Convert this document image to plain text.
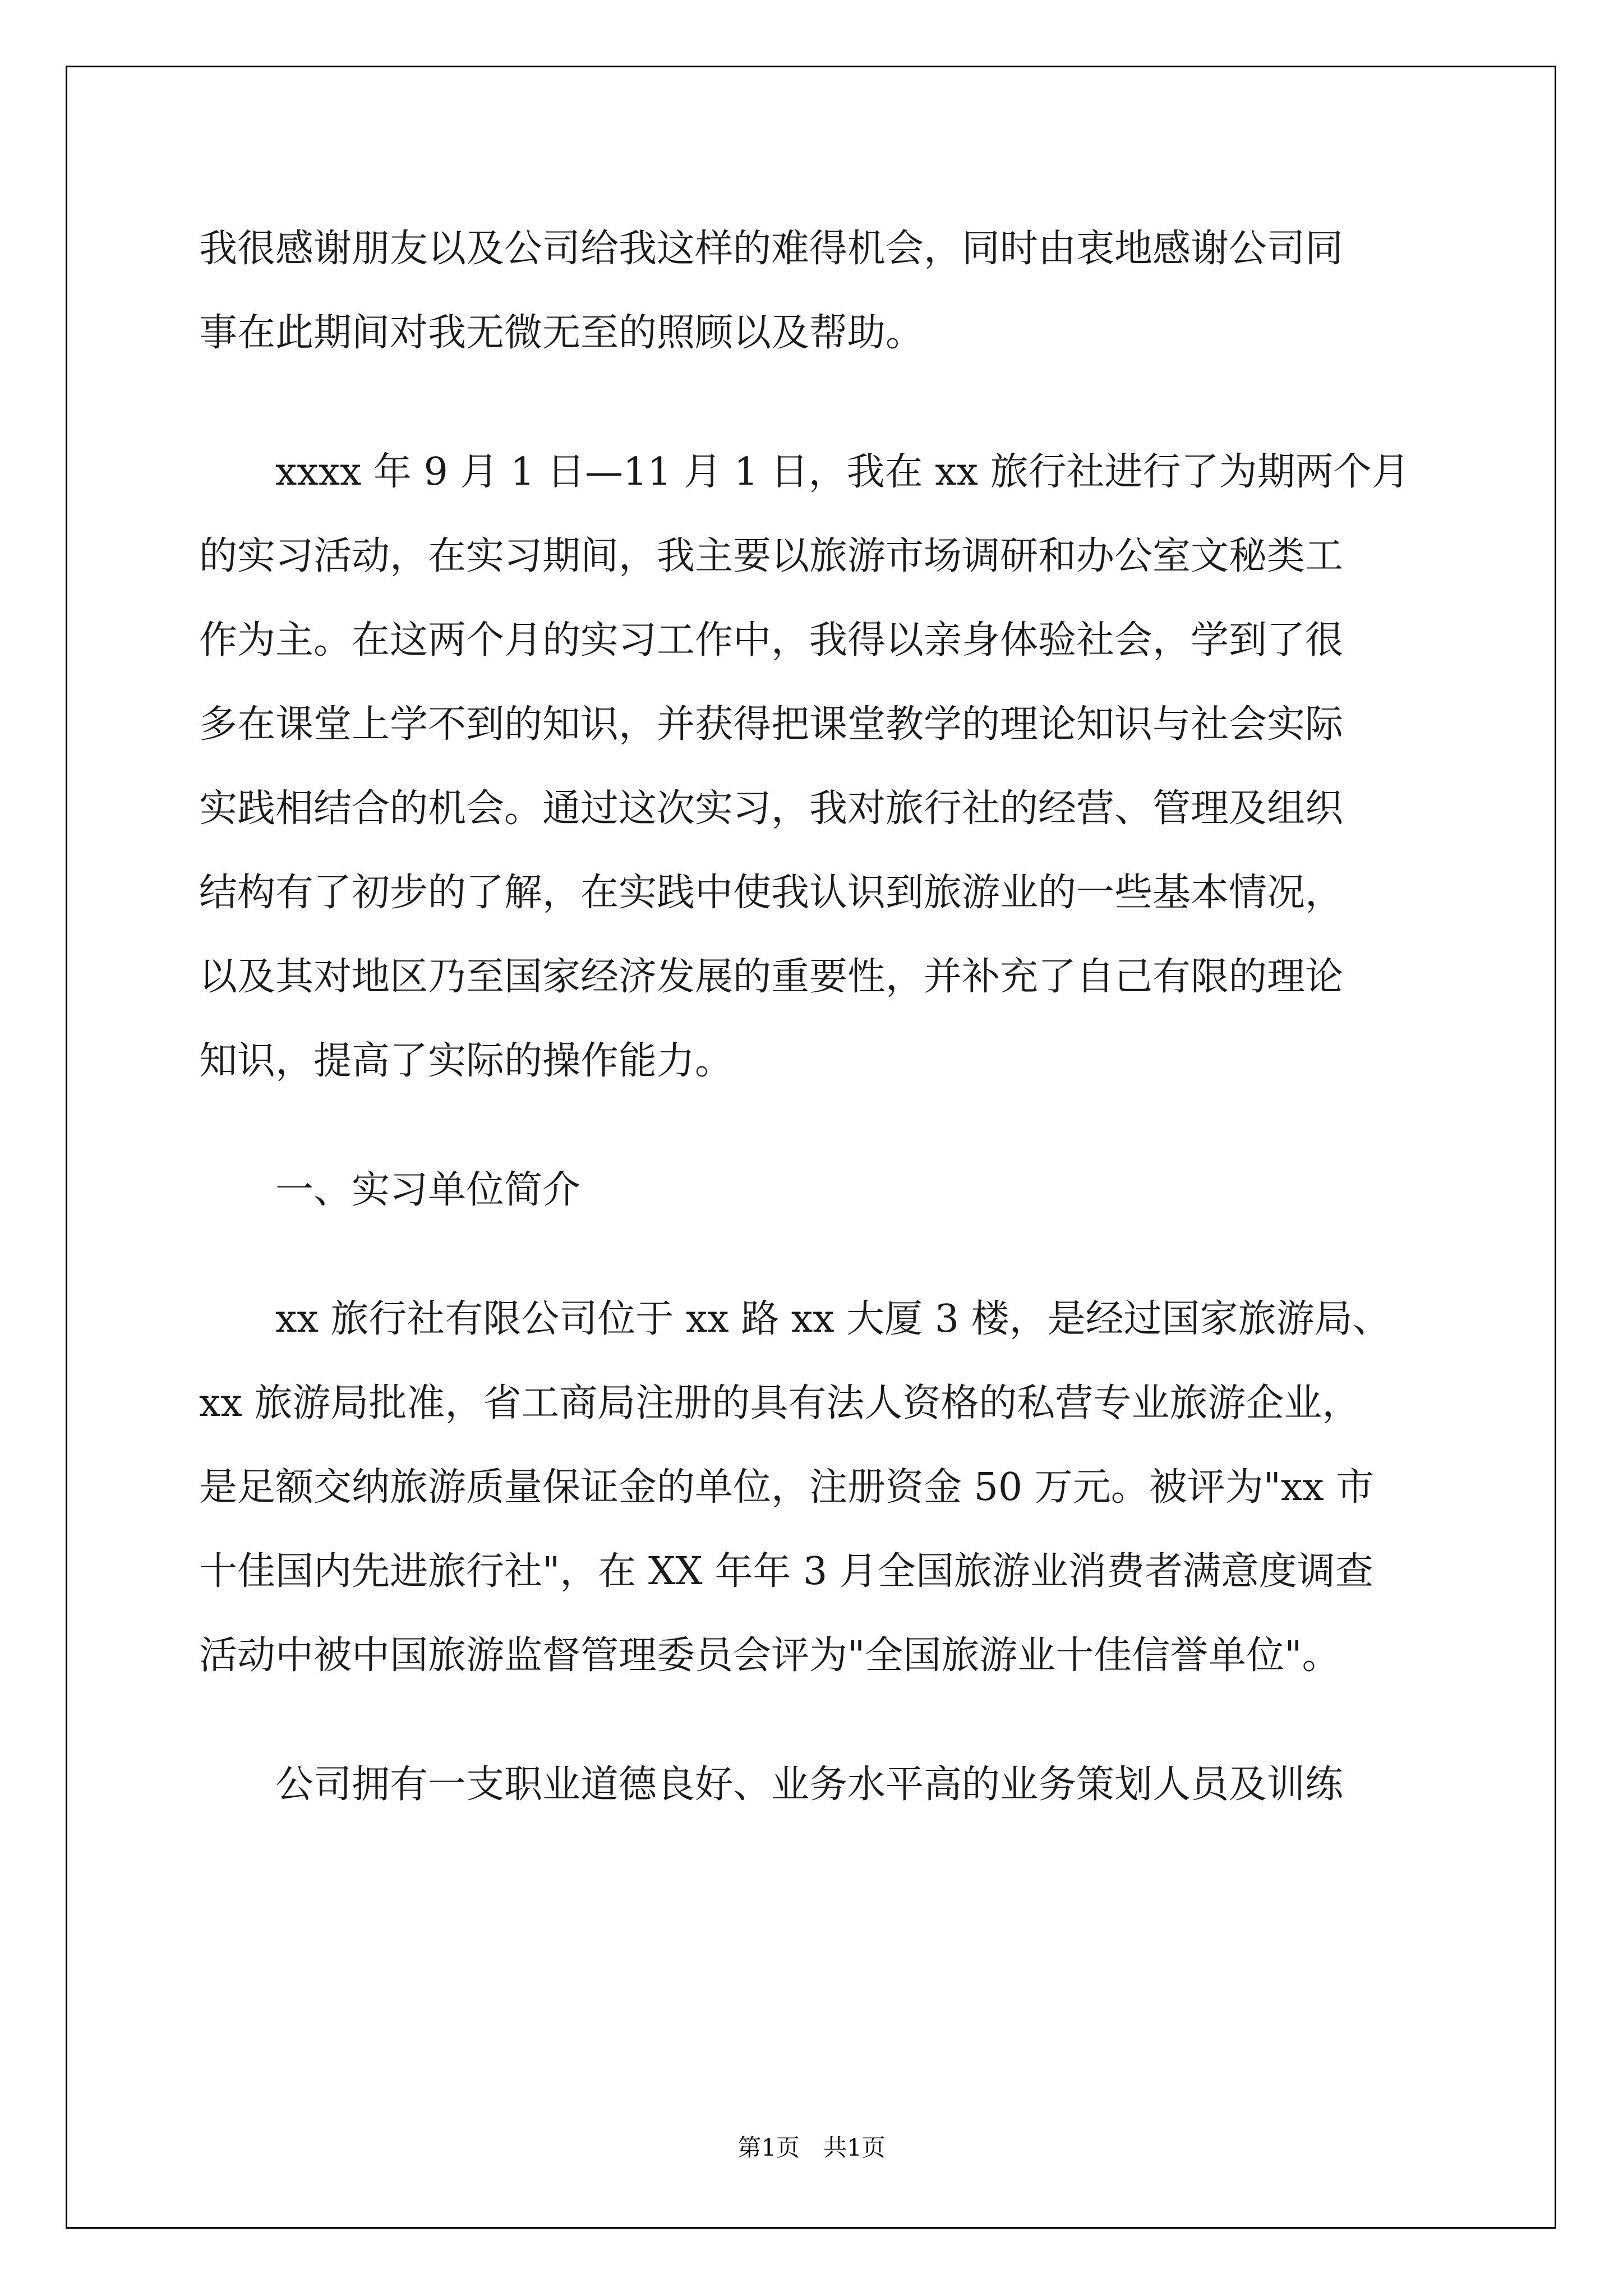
我很感谢朋友以及公司给我这样的难得机会，同时由衷地感谢公司同
事在此期间对我无微无至的照顾以及帮助。
　　xxxx 年 9 月 1 日—11 月 1 日，我在 xx 旅行社进行了为期两个月
的实习活动，在实习期间，我主要以旅游市场调研和办公室文秘类工
作为主。在这两个月的实习工作中，我得以亲身体验社会，学到了很
多在课堂上学不到的知识，并获得把课堂教学的理论知识与社会实际
实践相结合的机会。通过这次实习，我对旅行社的经营、管理及组织
结构有了初步的了解，在实践中使我认识到旅游业的一些基本情况，
以及其对地区乃至国家经济发展的重要性，并补充了自己有限的理论
知识，提高了实际的操作能力。
　　一、实习单位简介
　　xx 旅行社有限公司位于 xx 路 xx 大厦 3 楼，是经过国家旅游局、
xx 旅游局批准，省工商局注册的具有法人资格的私营专业旅游企业，
是足额交纳旅游质量保证金的单位，注册资金 50 万元。被评为"xx 市
十佳国内先进旅行社"，在 XX 年年 3 月全国旅游业消费者满意度调查
活动中被中国旅游监督管理委员会评为"全国旅游业十佳信誉单位"。
　　公司拥有一支职业道德良好、业务水平高的业务策划人员及训练
第1页　共1页
